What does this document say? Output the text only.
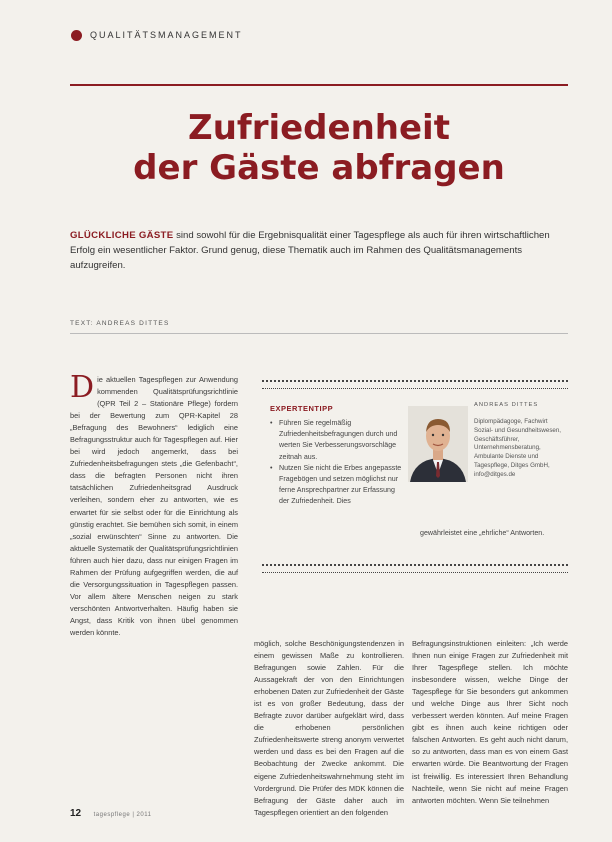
QUALITÄTSMANAGEMENT
Zufriedenheit
der Gäste abfragen
GLÜCKLICHE GÄSTE sind sowohl für die Ergebnisqualität einer Tagespflege als auch für ihren wirtschaftlichen Erfolg ein wesentlicher Faktor. Grund genug, diese Thematik auch im Rahmen des Qualitätsmanagements aufzugreifen.
TEXT: ANDREAS DITTES
D ie aktuellen Tagespflegen zur Anwendung kommenden Qualitätsprüfungsrichtlinie (QPR Teil 2 – Stationäre Pflege) fordern bei der Bewertung zum QPR-Kapitel 28 „Befragung des Bewohners“ lediglich eine Befragungsstruktur auch für Tagespflegen auf. Hier bei wird jedoch angemerkt, dass bei Zufriedenheitsbefragungen stets „die Gefenbacht“, dass die befragten Personen nicht ihren tatsächlichen Zufriedenheitsgrad Ausdruck verleihen, sondern eher zu antworten, wie es erwartet für sie selbst oder für die Einrichtung als günstig erachtet. Sie bemühen sich somit, in einem „sozial erwünschten“ Sinne zu antworten. Die aktuelle Systematik der Qualitätsprüfungsrichtlinien führen auch hier dazu, dass nur einigen Fragen im Rahmen der Prüfung aufgegriffen werden, die auf die Versorgungssituation in Tagespflegen passen. Vor allem ältere Menschen neigen zu stark verschönten Antwortverhalten. Häufig haben sie Angst, dass Kritik von ihnen übel genommen werden könnte.
EXPERTENTIPP
• Führen Sie regelmäßig Zufriedenheitsbefragungen durch und werten Sie Verbesserungsvorschläge zeitnah aus.
• Nutzen Sie nicht die Erbes angepasste Fragebögen und setzen möglichst nur ferne Ansprechpartner zur Erfassung der Zufriedenheit. Dies
ANDREAS DITTES
Diplompädagoge, Fachwirt Sozial- und Gesundheitswesen, Geschäftsführer, Unternehmensberatung, Ambulante Dienste und Tagespflege, Ditges GmbH, info@ditges.de
gewährleistet eine „ehrliche“ Antworten.
möglich, solche Beschönigungstendenzen in einem gewissen Maße zu kontrollieren. Befragungen sowie Zahlen. Für die Aussagekraft der von den Einrichtungen erhobenen Daten zur Zufriedenheit der Gäste ist es von großer Bedeutung, dass der Befragte zuvor darüber aufgeklärt wird, dass die erhobenen persönlichen Zufriedenheitswerte streng anonym verwertet werden und dass es bei den Fragen auf die Beobachtung der Zwecke ankommt. Die eigene Zufriedenheitswahrnehmung steht im Vordergrund. Die Prüfer des MDK können die Befragung der Gäste daher auch im Tagespflegen orientiert an den folgenden
Befragungsinstruktionen einleiten: „Ich werde Ihnen nun einige Fragen zur Zufriedenheit mit Ihrer Tagespflege stellen. Ich möchte insbesondere wissen, welche Dinge der Tagespflege für Sie besonders gut ankommen und welche Dinge aus Ihrer Sicht noch verbessert werden könnten. Auf meine Fragen gibt es ihnen auch keine richtigen oder falschen Antworten. Es geht auch nicht darum, so zu antworten, dass man es von einem Gast erwarten würde. Die Beantwortung der Fragen ist freiwillig. Es interessiert Ihren Behandlung Nachteile, wenn Sie nicht auf meine Fragen antworten möchten. Wenn Sie teilnehmen
12 tagespflege | 2011
